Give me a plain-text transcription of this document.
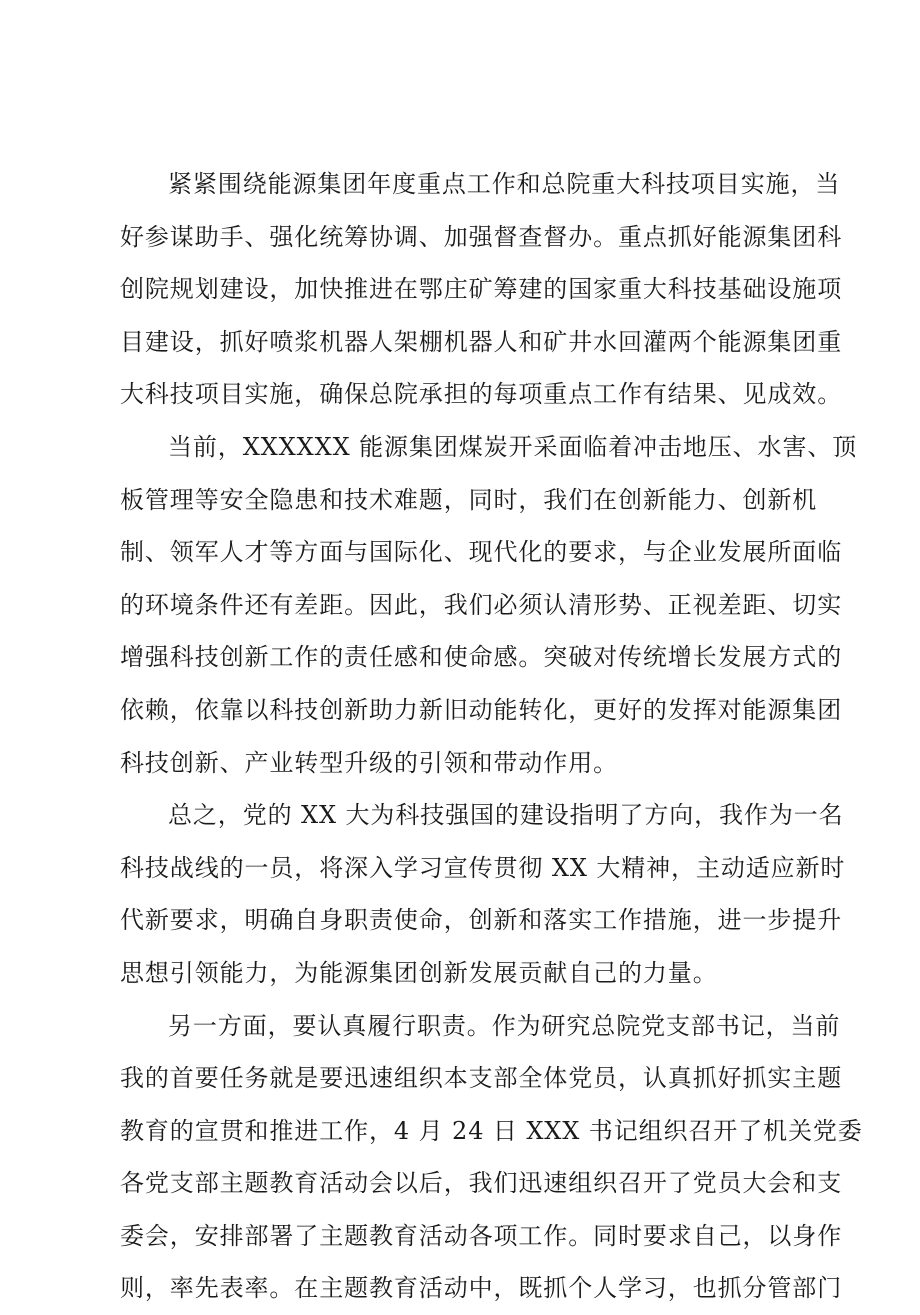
紧紧围绕能源集团年度重点工作和总院重大科技项目实施，当
好参谋助手、强化统筹协调、加强督查督办。重点抓好能源集团科
创院规划建设，加快推进在鄂庄矿筹建的国家重大科技基础设施项
目建设，抓好喷浆机器人架棚机器人和矿井水回灌两个能源集团重
大科技项目实施，确保总院承担的每项重点工作有结果、见成效。
当前，XXXXXX 能源集团煤炭开采面临着冲击地压、水害、顶
板管理等安全隐患和技术难题，同时，我们在创新能力、创新机
制、领军人才等方面与国际化、现代化的要求，与企业发展所面临
的环境条件还有差距。因此，我们必须认清形势、正视差距、切实
增强科技创新工作的责任感和使命感。突破对传统增长发展方式的
依赖，依靠以科技创新助力新旧动能转化，更好的发挥对能源集团
科技创新、产业转型升级的引领和带动作用。
总之，党的 XX 大为科技强国的建设指明了方向，我作为一名
科技战线的一员，将深入学习宣传贯彻 XX 大精神，主动适应新时
代新要求，明确自身职责使命，创新和落实工作措施，进一步提升
思想引领能力，为能源集团创新发展贡献自己的力量。
另一方面，要认真履行职责。作为研究总院党支部书记，当前
我的首要任务就是要迅速组织本支部全体党员，认真抓好抓实主题
教育的宣贯和推进工作，4 月 24 日 XXX 书记组织召开了机关党委
各党支部主题教育活动会以后，我们迅速组织召开了党员大会和支
委会，安排部署了主题教育活动各项工作。同时要求自己，以身作
则，率先表率。在主题教育活动中，既抓个人学习，也抓分管部门
